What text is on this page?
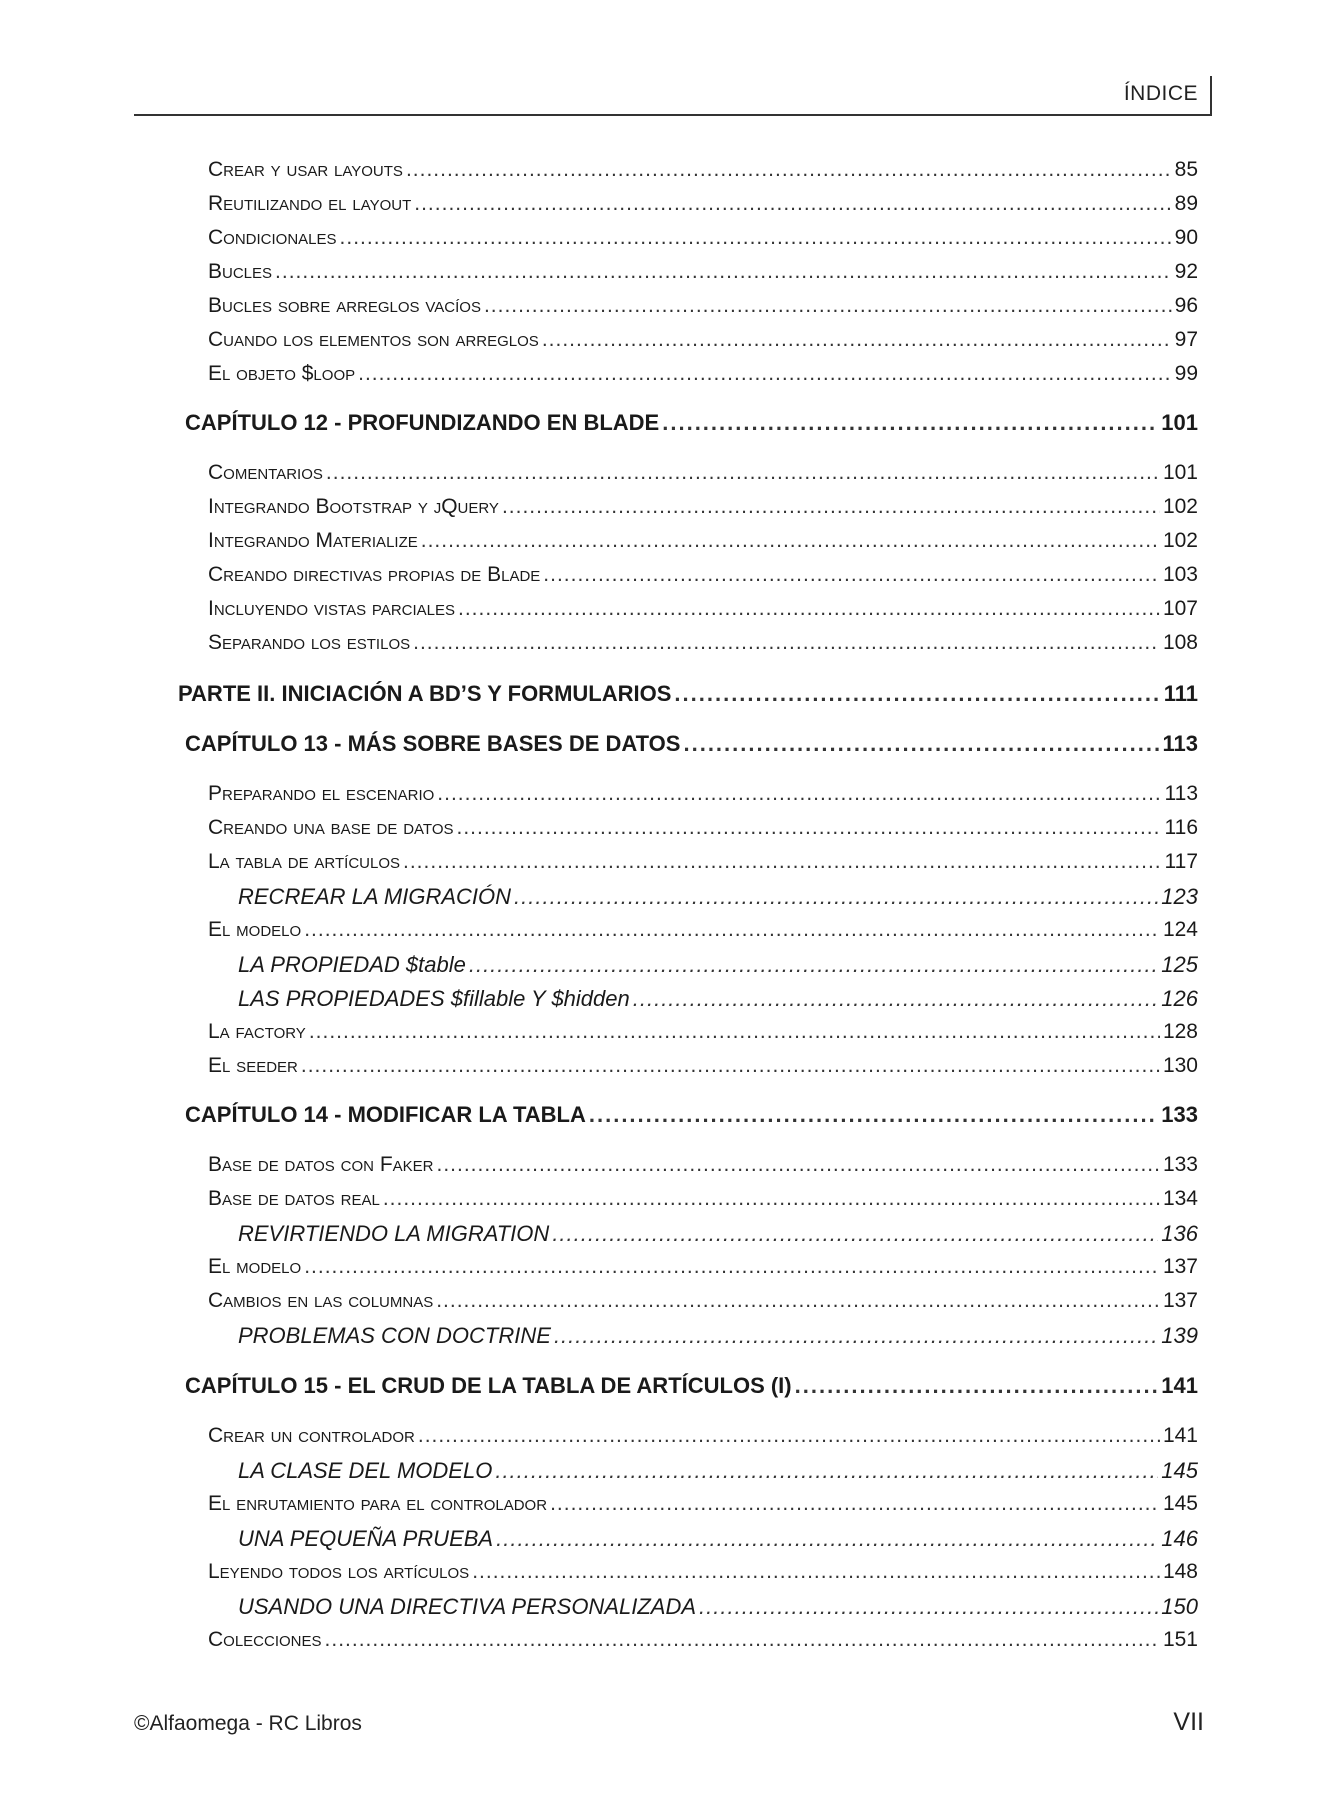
ÍNDICE
Crear y usar layouts .....	85
Reutilizando el layout .....	89
Condicionales .....	90
Bucles .....	92
Bucles sobre arreglos vacíos .....	96
Cuando los elementos son arreglos .....	97
El objeto $loop .....	99
CAPÍTULO 12 - PROFUNDIZANDO EN BLADE .....	101
Comentarios .....	101
Integrando Bootstrap y jQuery .....	102
Integrando Materialize .....	102
Creando directivas propias de Blade .....	103
Incluyendo vistas parciales .....	107
Separando los estilos .....	108
PARTE II. INICIACIÓN A BD’S Y FORMULARIOS .....	111
CAPÍTULO 13 - MÁS SOBRE BASES DE DATOS .....	113
Preparando el escenario .....	113
Creando una base de datos .....	116
La tabla de artículos .....	117
RECREAR LA MIGRACIÓN .....	123
El modelo .....	124
LA PROPIEDAD $table .....	125
LAS PROPIEDADES $fillable Y $hidden .....	126
La factory .....	128
El seeder .....	130
CAPÍTULO 14 - MODIFICAR LA TABLA .....	133
Base de datos con Faker .....	133
Base de datos real .....	134
REVIRTIENDO LA MIGRATION .....	136
El modelo .....	137
Cambios en las columnas .....	137
PROBLEMAS CON DOCTRINE .....	139
CAPÍTULO 15 - EL CRUD DE LA TABLA DE ARTÍCULOS (I) .....	141
Crear un controlador .....	141
LA CLASE DEL MODELO .....	145
El enrutamiento para el controlador .....	145
UNA PEQUEÑA PRUEBA .....	146
Leyendo todos los artículos .....	148
USANDO UNA DIRECTIVA PERSONALIZADA .....	150
Colecciones .....	151
©Alfaomega - RC Libros	VII
